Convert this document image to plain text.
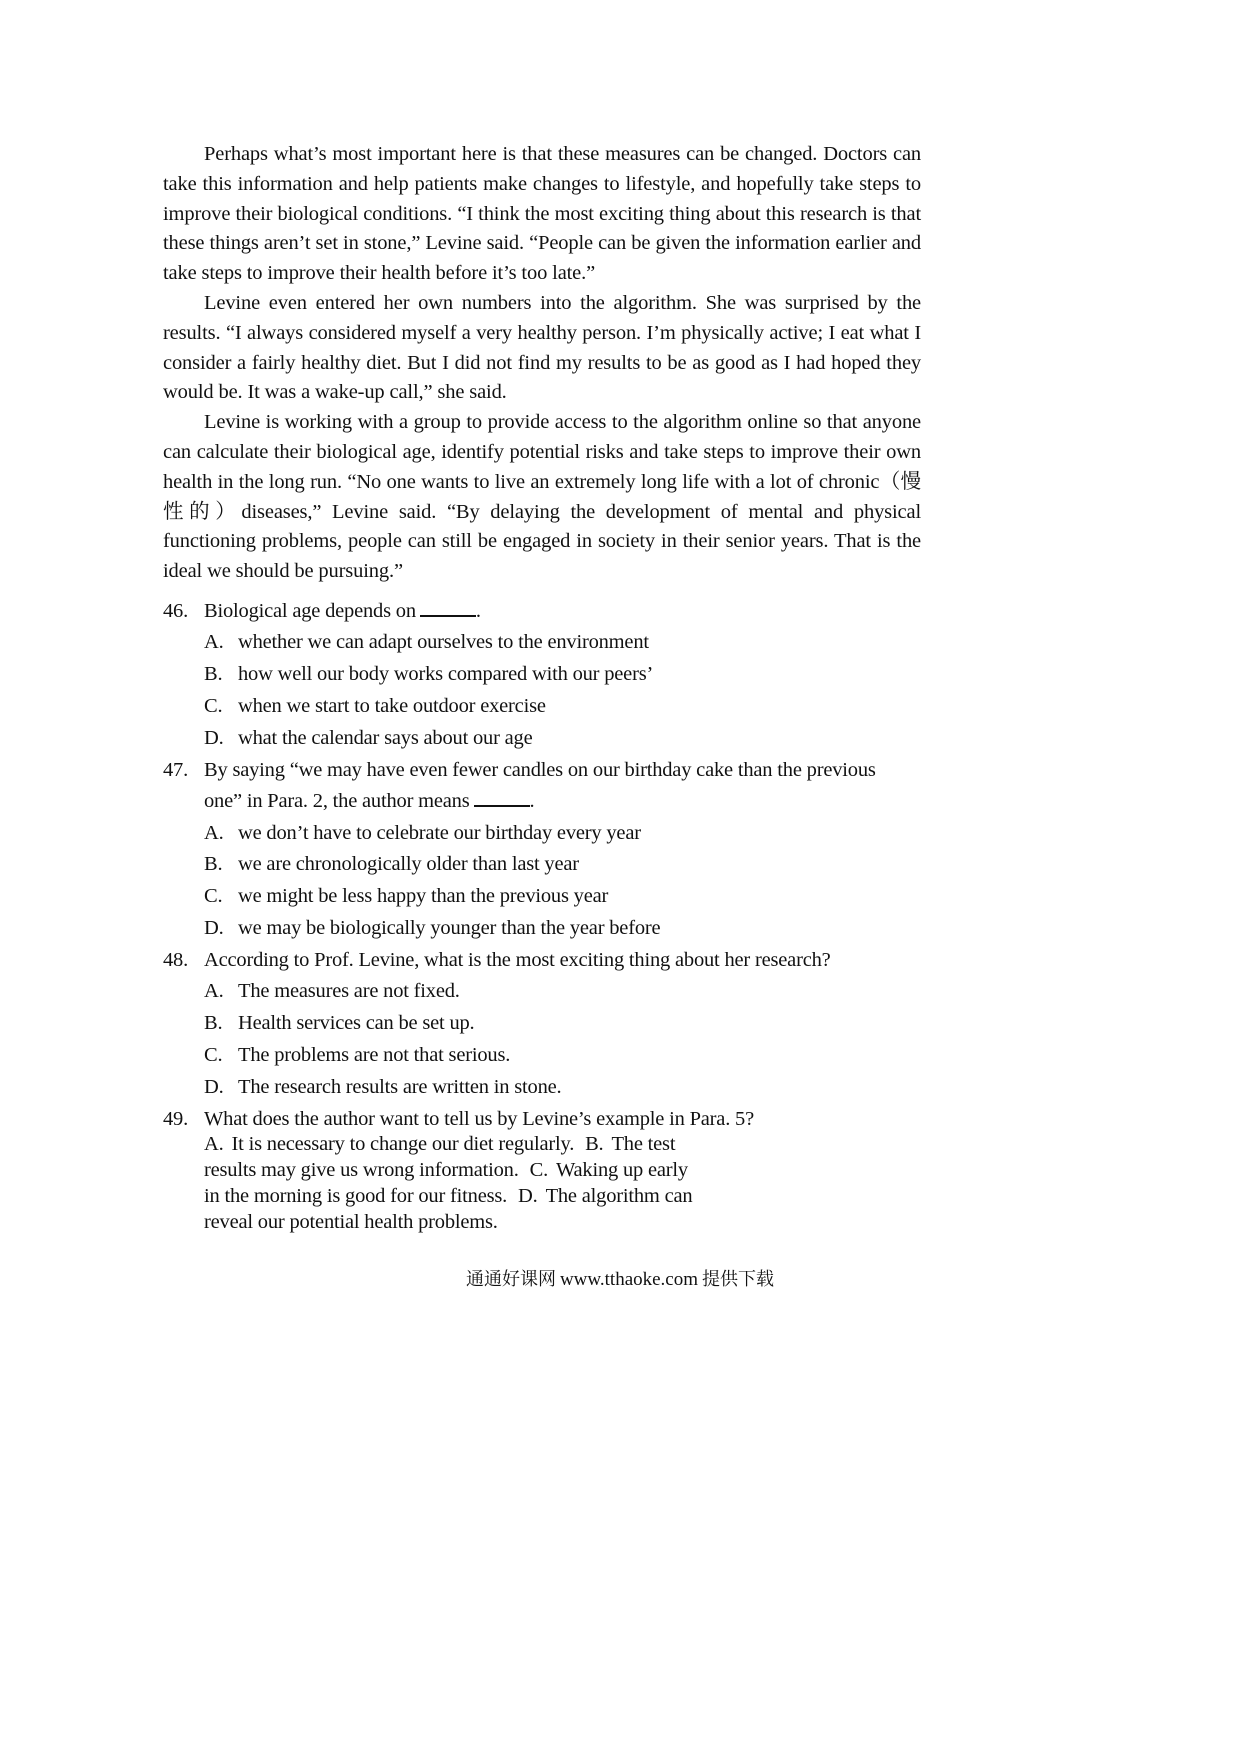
Perhaps what’s most important here is that these measures can be changed. Doctors can take this information and help patients make changes to lifestyle, and hopefully take steps to improve their biological conditions. “I think the most exciting thing about this research is that these things aren’t set in stone,” Levine said. “People can be given the information earlier and take steps to improve their health before it’s too late.”

Levine even entered her own numbers into the algorithm. She was surprised by the results. “I always considered myself a very healthy person. I’m physically active; I eat what I consider a fairly healthy diet. But I did not find my results to be as good as I had hoped they would be. It was a wake-up call,” she said.

Levine is working with a group to provide access to the algorithm online so that anyone can calculate their biological age, identify potential risks and take steps to improve their own health in the long run. “No one wants to live an extremely long life with a lot of chronic（慢性的）diseases,” Levine said. “By delaying the development of mental and physical functioning problems, people can still be engaged in society in their senior years. That is the ideal we should be pursuing.”

46. Biological age depends on	.
A. whether we can adapt ourselves to the environment
B. how well our body works compared with our peers’
C. when we start to take outdoor exercise
D. what the calendar says about our age
47. By saying “we may have even fewer candles on our birthday cake than the previous one” in Para. 2, the author means	.
A. we don’t have to celebrate our birthday every year
B. we are chronologically older than last year
C. we might be less happy than the previous year
D. we may be biologically younger than the year before
48. According to Prof. Levine, what is the most exciting thing about her research?
A. The measures are not fixed.
B. Health services can be set up.
C. The problems are not that serious.
D. The research results are written in stone.
49. What does the author want to tell us by Levine’s example in Para. 5?
A. It is necessary to change our diet regularly. B. The test results may give us wrong information. C. Waking up early in the morning is good for our fitness. D. The algorithm can reveal our potential health problems.
通通好课网 www.tthaoke.com 提供下载
